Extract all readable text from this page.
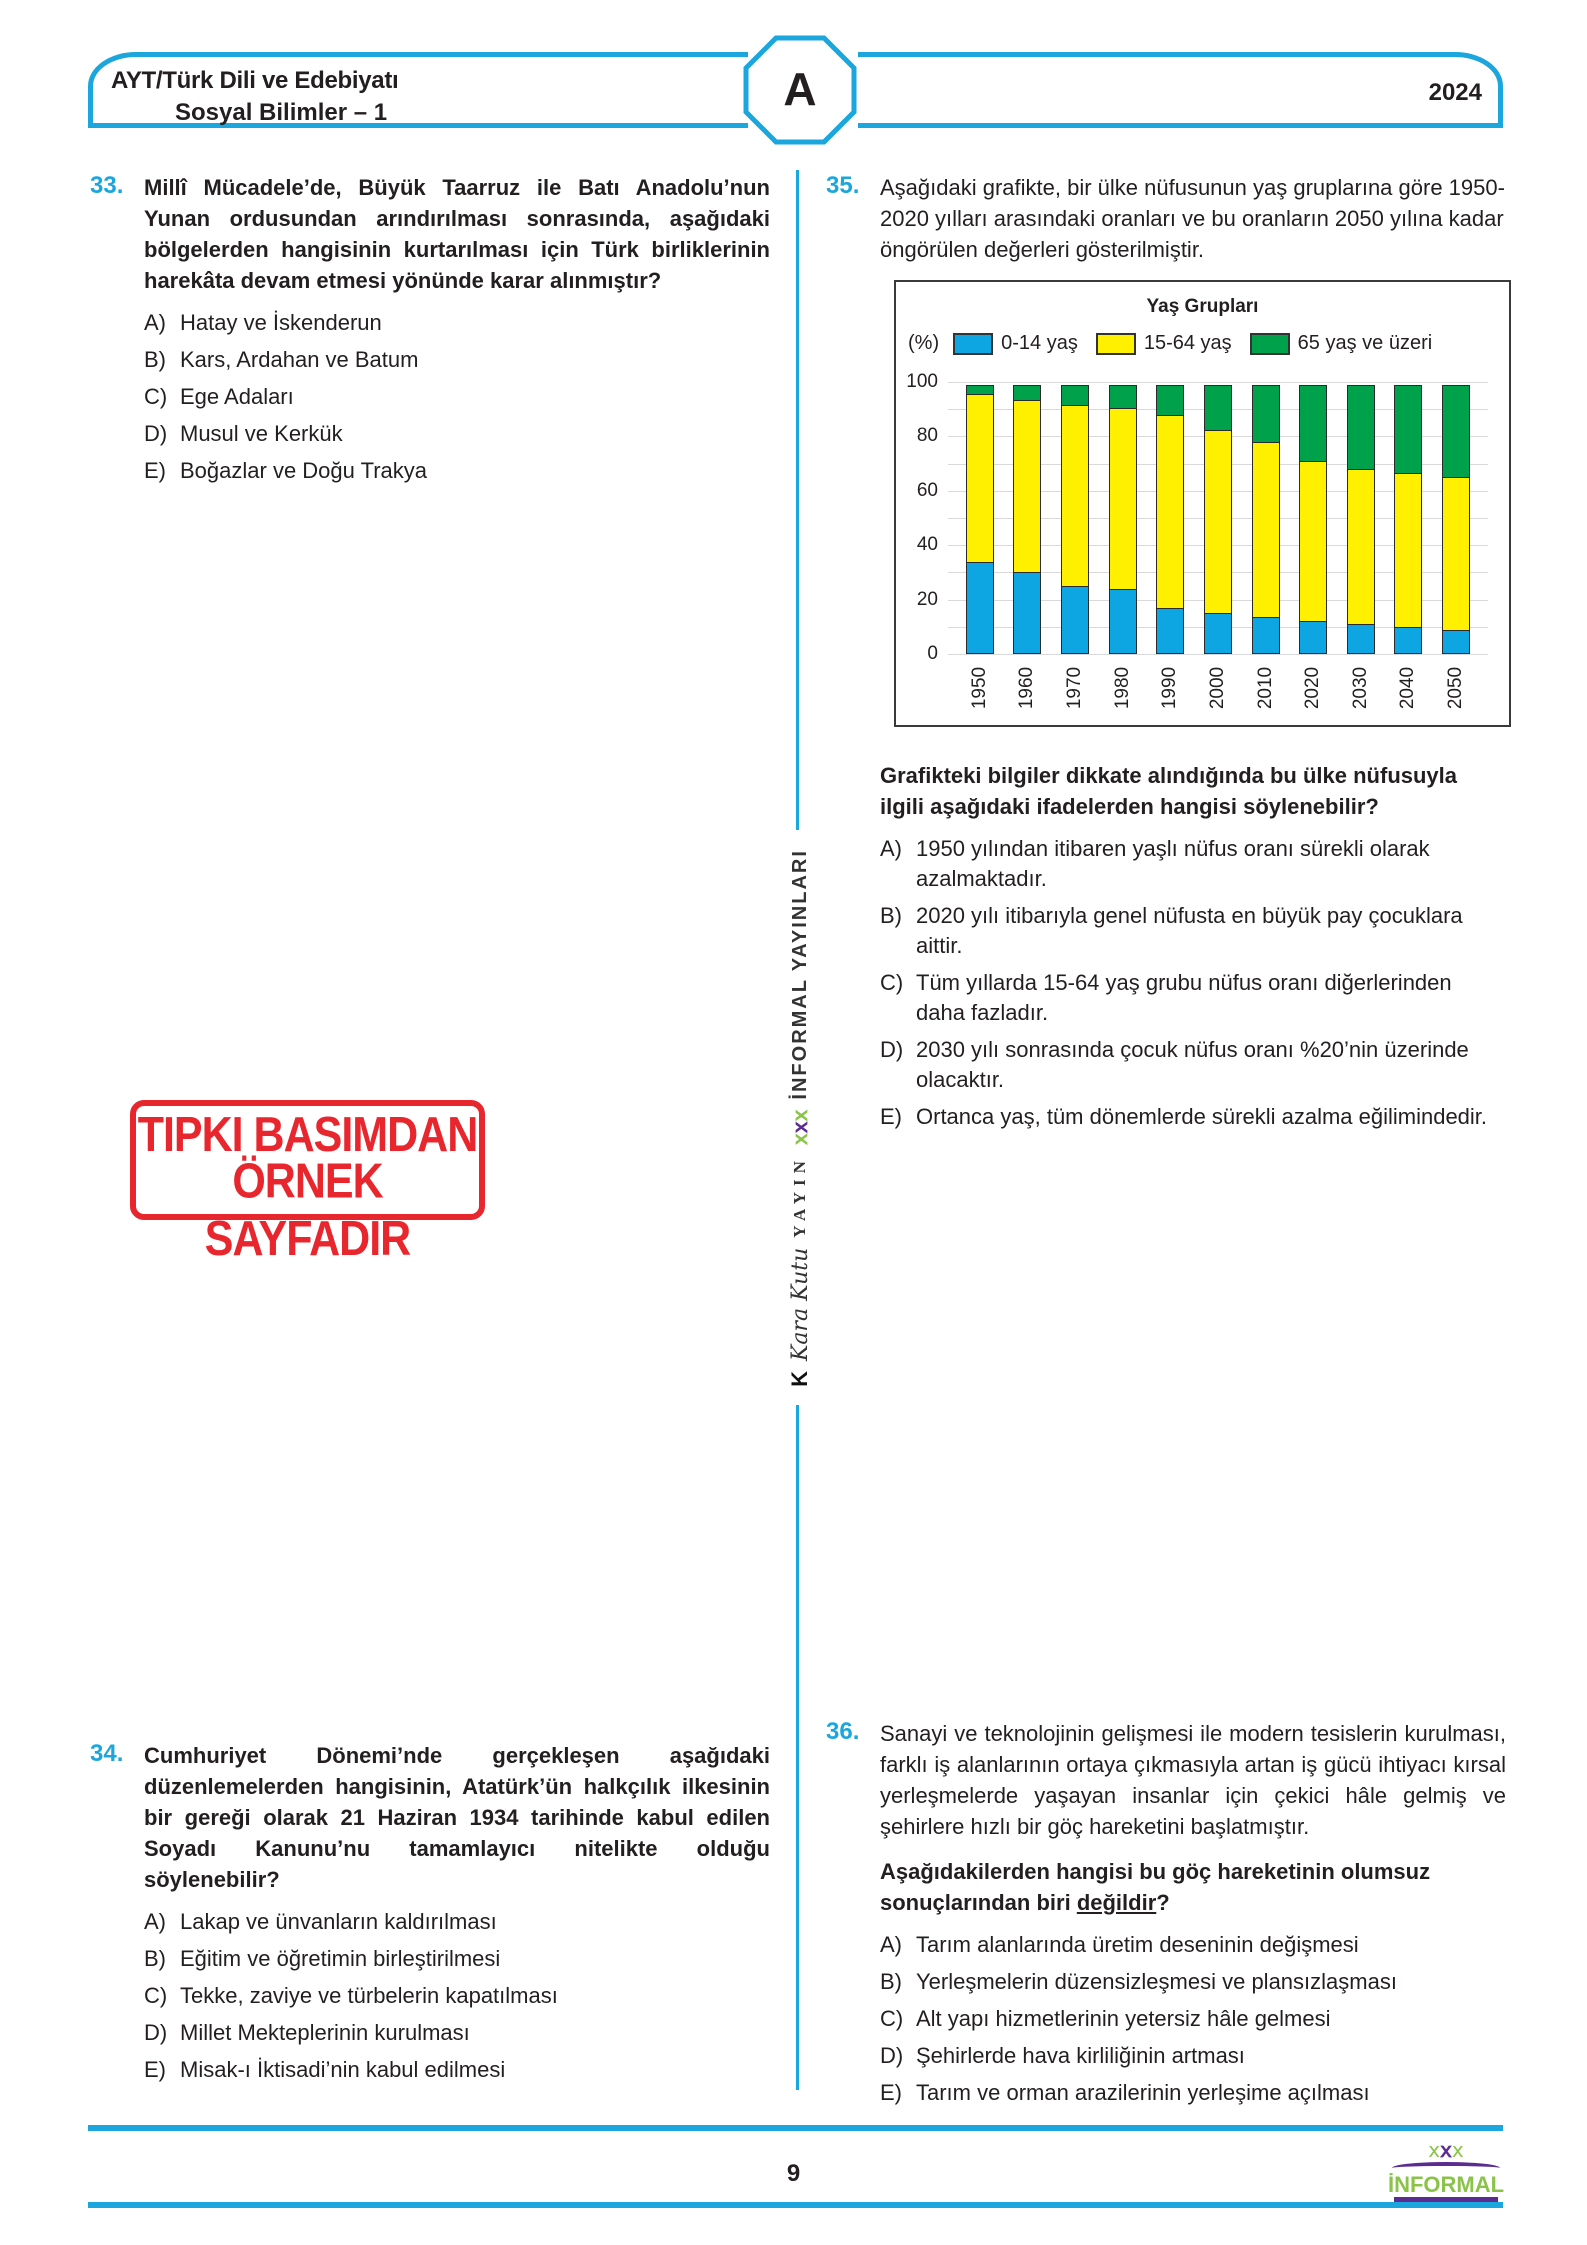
AYT/Türk Dili ve Edebiyatı
Sosyal Bilimler – 1	A	2024
K
Kara Kutu
YAYIN
ⅹⅹⅹ
İNFORMAL YAYINLARI
33. Millî Mücadele’de, Büyük Taarruz ile Batı Anadolu’nun Yunan ordusundan arındırılması sonrasında, aşağıdaki bölgelerden hangisinin kurtarılması için Türk birliklerinin harekâta devam etmesi yönünde karar alınmıştır?
A) Hatay ve İskenderun
B) Kars, Ardahan ve Batum
C) Ege Adaları
D) Musul ve Kerkük
E) Boğazlar ve Doğu Trakya
TIPKI BASIMDAN
ÖRNEK SAYFADIR
34. Cumhuriyet Dönemi’nde gerçekleşen aşağıdaki düzenlemelerden hangisinin, Atatürk’ün halkçılık ilkesinin bir gereği olarak 21 Haziran 1934 tarihinde kabul edilen Soyadı Kanunu’nu tamamlayıcı nitelikte olduğu söylenebilir?
A) Lakap ve ünvanların kaldırılması
B) Eğitim ve öğretimin birleştirilmesi
C) Tekke, zaviye ve türbelerin kapatılması
D) Millet Mekteplerinin kurulması
E) Misak-ı İktisadi’nin kabul edilmesi
35. Aşağıdaki grafikte, bir ülke nüfusunun yaş gruplarına göre 1950-2020 yılları arasındaki oranları ve bu oranların 2050 yılına kadar öngörülen değerleri gösterilmiştir.
Yaş Grupları
(%)	0-14 yaş	15-64 yaş	65 yaş ve üzeri
0
20
40
60
80
100
1950 1960 1970 1980 1990 2000 2010 2020 2030 2040 2050
Grafikteki bilgiler dikkate alındığında bu ülke nüfusuyla ilgili aşağıdaki ifadelerden hangisi söylenebilir?
A) 1950 yılından itibaren yaşlı nüfus oranı sürekli olarak azalmaktadır.
B) 2020 yılı itibarıyla genel nüfusta en büyük pay çocuklara aittir.
C) Tüm yıllarda 15-64 yaş grubu nüfus oranı diğerlerinden daha fazladır.
D) 2030 yılı sonrasında çocuk nüfus oranı %20’nin üzerinde olacaktır.
E) Ortanca yaş, tüm dönemlerde sürekli azalma eğilimindedir.
36. Sanayi ve teknolojinin gelişmesi ile modern tesislerin kurulması, farklı iş alanlarının ortaya çıkmasıyla artan iş gücü ihtiyacı kırsal yerleşmelerde yaşayan insanlar için çekici hâle gelmiş ve şehirlere hızlı bir göç hareketini başlatmıştır.
Aşağıdakilerden hangisi bu göç hareketinin olumsuz sonuçlarından biri değildir?
A) Tarım alanlarında üretim deseninin değişmesi
B) Yerleşmelerin düzensizleşmesi ve plansızlaşması
C) Alt yapı hizmetlerinin yetersiz hâle gelmesi
D) Şehirlerde hava kirliliğinin artması
E) Tarım ve orman arazilerinin yerleşime açılması
9
ⅹⅹⅹ
İNFORMAL
